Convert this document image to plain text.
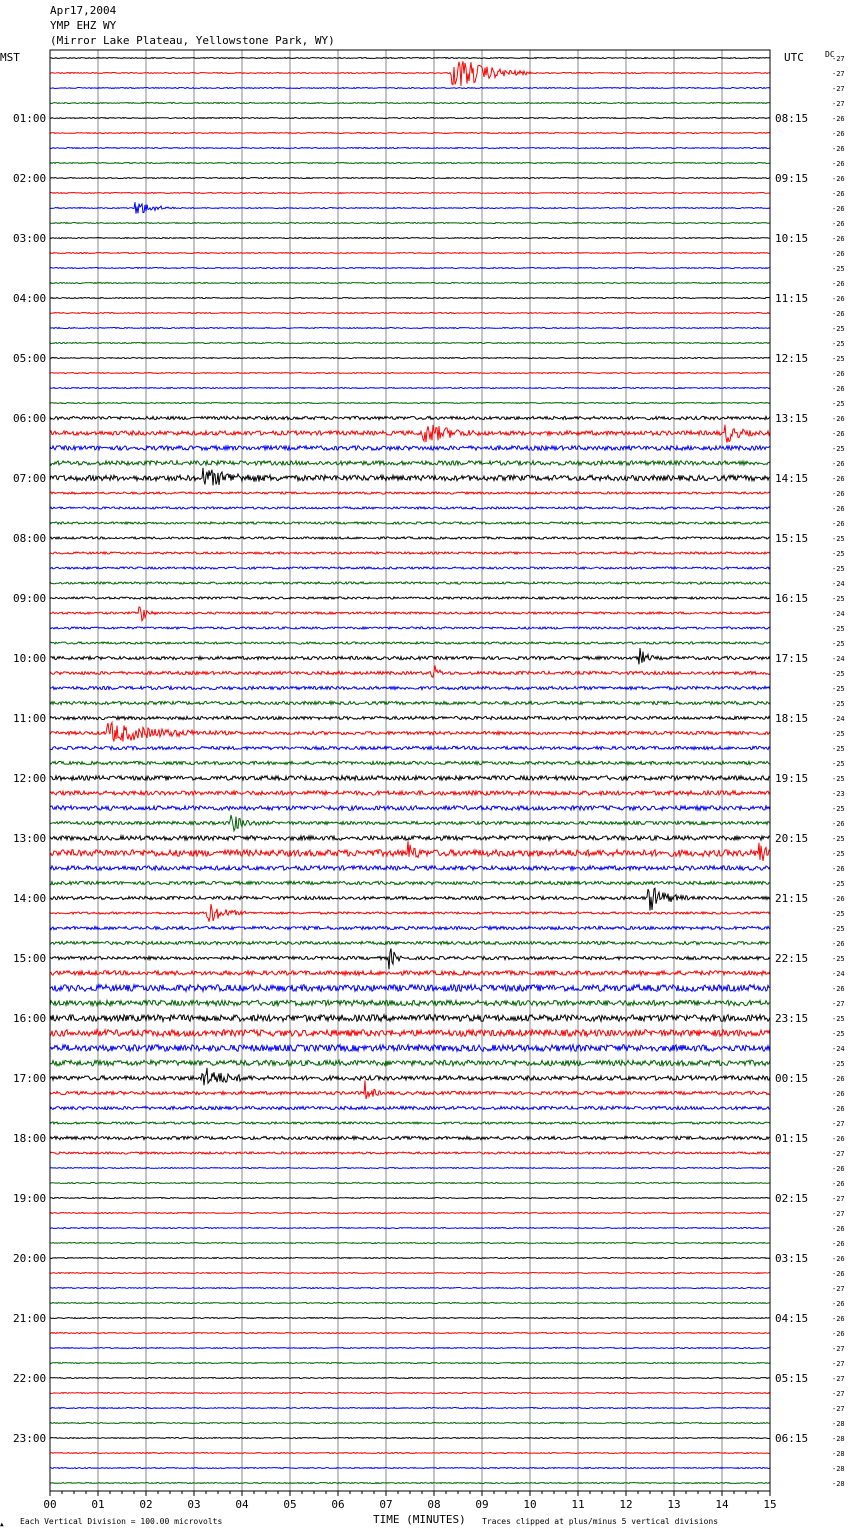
Apr17,2004
YMP EHZ WY
(Mirror Lake Plateau, Yellowstone Park, WY)
-27
-27
-27
-27
-26
-26
-26
-26
-26
-26
-26
-26
-26
-26
-25
-26
-26
-26
-25
-25
-25
-26
-26
-25
-26
-26
-25
-26
-26
-26
-26
-26
-25
-25
-25
-24
-25
-24
-25
-25
-24
-25
-25
-25
-24
-25
-25
-25
-25
-23
-25
-26
-25
-25
-26
-25
-26
-25
-25
-26
-25
-24
-26
-27
-25
-25
-24
-25
-26
-26
-26
-27
-26
-27
-26
-26
-27
-27
-26
-26
-26
-26
-27
-26
-26
-26
-27
-27
-27
-27
-27
-28
-28
-28
-28
-28
01:00
02:00
03:00
04:00
05:00
06:00
07:00
08:00
09:00
10:00
11:00
12:00
13:00
14:00
15:00
16:00
17:00
18:00
19:00
20:00
21:00
22:00
23:00
08:15
09:15
10:15
11:15
12:15
13:15
14:15
15:15
16:15
17:15
18:15
19:15
20:15
21:15
22:15
23:15
00:15
01:15
02:15
03:15
04:15
05:15
06:15
00	01	02	03	04	05	06	07	08	09	10	11	12	13	14	15
MST	UTC	DC
TIME (MINUTES)
▲ Each Vertical Division = 100.00 microvolts	Traces clipped at plus/minus 5 vertical divisions
